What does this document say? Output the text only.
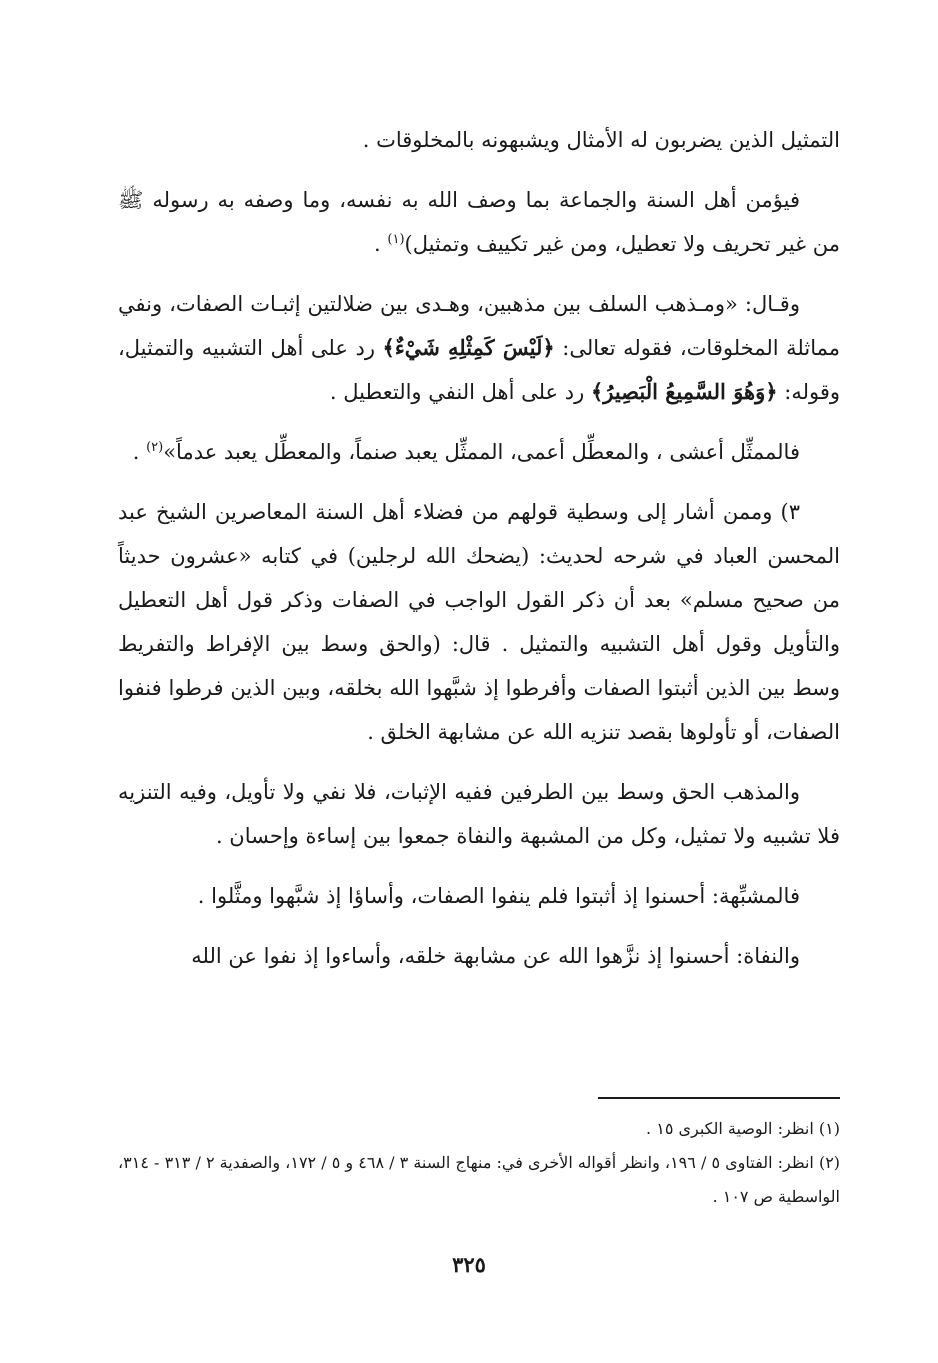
التمثيل الذين يضربون له الأمثال ويشبهونه بالمخلوقات .

فيؤمن أهل السنة والجماعة بما وصف الله به نفسه، وما وصفه به رسوله ﷺ من غير تحريف ولا تعطيل، ومن غير تكييف وتمثيل)$^{(١)}$ .

وقـال: «ومـذهب السلف بين مذهبين، وهـدى بين ضلالتين إثبـات الصفات، ونفي مماثلة المخلوقات، فقوله تعالى: ﴿لَيْسَ كَمِثْلِهِ شَيْءٌ﴾ رد على أهل التشبيه والتمثيل، وقوله: ﴿وَهُوَ السَّمِيعُ الْبَصِيرُ﴾ رد على أهل النفي والتعطيل .

فالممثِّل أعشى ، والمعطِّل أعمى، الممثِّل يعبد صنماً، والمعطِّل يعبد عدماً»$^{(٢)}$ .

٣) وممن أشار إلى وسطية قولهم من فضلاء أهل السنة المعاصرين الشيخ عبد المحسن العباد في شرحه لحديث: (يضحك الله لرجلين) في كتابه «عشرون حديثاً من صحيح مسلم» بعد أن ذكر القول الواجب في الصفات وذكر قول أهل التعطيل والتأويل وقول أهل التشبيه والتمثيل . قال: (والحق وسط بين الإفراط والتفريط وسط بين الذين أثبتوا الصفات وأفرطوا إذ شبَّهوا الله بخلقه، وبين الذين فرطوا فنفوا الصفات، أو تأولوها بقصد تنزيه الله عن مشابهة الخلق .

والمذهب الحق وسط بين الطرفين ففيه الإثبات، فلا نفي ولا تأويل، وفيه التنزيه فلا تشبيه ولا تمثيل، وكل من المشبهة والنفاة جمعوا بين إساءة وإحسان .

فالمشبِّهة: أحسنوا إذ أثبتوا فلم ينفوا الصفات، وأساؤا إذ شبَّهوا ومثَّلوا .

والنفاة: أحسنوا إذ نزَّهوا الله عن مشابهة خلقه، وأساءوا إذ نفوا عن الله

(١) انظر: الوصية الكبرى ١٥ .

(٢) انظر: الفتاوى ٥ / ١٩٦، وانظر أقواله الأخرى في: منهاج السنة ٣ / ٤٦٨ و ٥ / ١٧٢، والصفدية ٢ / ٣١٣ - ٣١٤، الواسطية ص ١٠٧ .

٣٢٥
